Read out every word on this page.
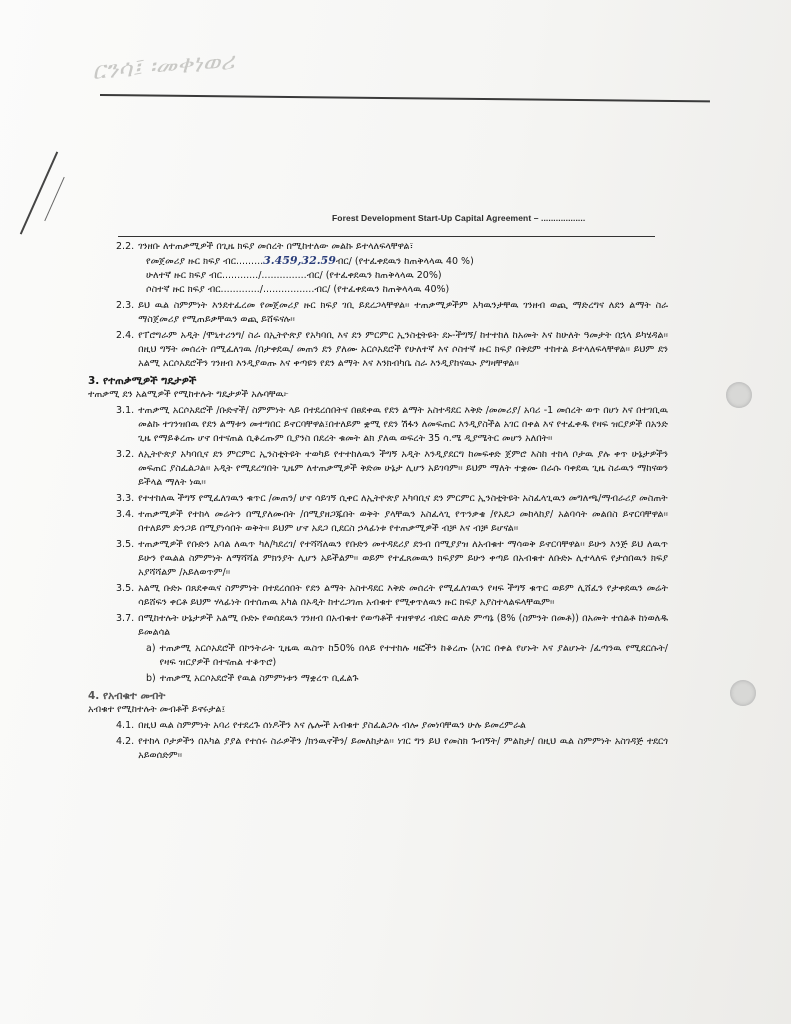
ርንሳ፤ ፡መቀነወሪ
Forest Development Start-Up Capital Agreement – ..................
2.2. ገንዘቡ ለተጠቃሚዎች በጊዜ ክፍያ መሰረት በሚከተለው መልኩ ይተላለፍላቸዋል፣
የመጀመሪያ ዙር ክፍያ ብር.........3.459,32.59ብር/ (የተፈቀደዉን ከጠቅላላዉ 40 %)
ሁለተኛ ዙር ክፍያ ብር............/...............ብር/ (የተፈቀደዉን ከጠቅላላዉ 20%)
ሶስተኛ ዙር ክፍያ ብር............./.................ብር/ (የተፈቀደዉን ከጠቅላላዉ 40%)
2.3. ይህ ዉል ስምምነት እንደተፈረመ የመጀመሪያ ዙር ክፍያ ገቢ ይደረጋላቸዋል፡፡ ተጠቃሚዎችም አካዉንታቸዉ ገንዘብ ወጪ ማድረግና ለደን ልማት ስራ ማስጀመሪያ የሚጠይቃቸዉን ወጪ ይሸፍናሉ፡፡
2.4. የፐሮግራም አዲት /ሞኒተሪንግ/ ስራ በኢትዮጵያ የአካባቢ እና ደን ምርምር ኢንስቲትዩት ደኑ-ችግኝ/ ከተተከለ ከአመት እና ከሁለት ዓመታት በኋላ ይካሄዳል፡፡ በዚህ ግኝት መሰረት በሚፈለገዉ /በታቀደዉ/ መጠን ደን ያለሙ አርሶአደሮች የሁለተኛ እና ሶስተኛ ዙር ክፍያ በቅደም ተከተል ይተላለፍላቸዋል፡፡ ይህም ደን አልሚ አርሶአደሮችን ገንዘብ እንዲያወጡ እና ቀጣዩን የደን ልማት እና እንክብካቤ ስራ እንዲያከናዉኑ ያግዛቸዋል፡፡
3. የተጠቃሚዎች ግዴታዎች
ተጠቃሚ ደን አልሚዎች የሚከተሉት ግዴታዎች አሉባቸዉ፦
3.1. ተጠቃሚ አርሶአደሮች /ቡድኖች/ ስምምነት ላይ በተደረሰበትና በፀደቀዉ የደን ልማት አስተዳደር እቅድ /መመሪያ/ አባሪ -1 መሰረት ወጥ በሆነ እና በተገቢዉ መልኩ ተገንዝበዉ የደን ልማቱን መተግበር ይኖርባቸዋል፤በተለይም ቋሚ የደን ሽፋን ለመፍጠር እንዲያስችል አገር በቀል እና የተፈቀዱ የዛፍ ዝርያዎች በአንድ ጊዜ የማይቆረጡ ሆኖ በተናጠል ሲቆረጡም ቢያንስ በደረት ቁመት ልክ ያለዉ ወፍረት 35 ሳ.ሜ ዲያሜትር መሆን አለበት፡፡
3.2. ለኢትዮጵያ አካባቢና ደን ምርምር ኢንስቲትዩት ተወካይ የተተከለዉን ችግኝ አዲት እንዲያደርግ ከመፍቀድ ጀምሮ እስከ ተከላ ቦታዉ ያሉ ቀጥ ሁኔታዎችን መፍጠር ያስፈልጋል፡፡ አዲት የሚደረግበት ጊዜም ለተጠቃሚዎች ቅድመ ሁኔታ ሊሆን አይገባም፡፡ ይህም ማለት ተቋሙ በራሱ ባቀደዉ ጊዜ ስራዉን ማከናወን ይችላል ማለት ነዉ፡፡
3.3. የተተከለዉ ችግኝ የሚፈለገዉን ቁጥር /መጠን/ ሆኖ ሳይገኝ ሲቀር ለኢትዮጵያ አካባቢና ደን ምርምር ኢንስቲትዩት አስፈላጊዉን መግለጫ/ማብራሪያ መስጠት
3.4. ተጠቃሚዎች የተከላ መሬትን በሚያለሙበት /በሚያዘጋጁበት ወቅት ያላቸዉን አስፈላጊ የጥንቃቄ /የአደጋ መከላከያ/ አልባሳት መልበስ ይኖርባቸዋል፡፡ በተለይም ድንጋይ በሚያነሳበት ወቅት፡፡ ይህም ሆኖ አደጋ ቢደርስ ኃላፊነቱ የተጠቃሚዎች ብቻ እና ብቻ ይሆናል፡፡
3.5. ተጠቃሚዎች የቡድን አባል ለዉጥ ካለ/ካደረገ/ የተሻሻለዉን የቡድን መተዳደሪያ ደንብ በሚያያዝ ለአብቁተ ማሳወቅ ይኖርባቸዋል፡፡ ይሁን እንጅ ይህ ለዉጥ ይሁን የዉልል ስምምነት ለማሻሻል ምክንያት ሊሆን አይችልም፡፡ ወይም የተፈጸመዉን ክፍያም ይሁን ቀጣይ በአብቁተ ለቡድኑ ሊተላለፍ የታሰበዉን ክፍያ አያሻሻልም /አይለወጥም/፡፡
3.5. አልሚ ቡድኑ በጸደቀዉና ስምምነት በተደረሰበት የደን ልማት አስተዳደር እቅድ መሰረት የሚፈለገዉን የዛፍ ችግኝ ቁጥር ወይም ሊሸፈን የታቀደዉን መሬት ሳይሸፍን ቀርቶ ይህም ሃላፊነት በተሰጠዉ አካል በኦዲት ከተረጋገጠ አብቁተ የሚቀጥለዉን ዙር ክፍያ አያስተላልፍላቸዉም፡፡
3.7. በሚከተሉት ሁኔታዎች አልሚ ቡድኑ የወሰደዉን ገንዘብ በአብቁተ የወጣቶች ተዘዋዋሪ ብድር ወለድ ምጣኔ (8% (ስምንት በመቶ)) በአመት ተሰልቶ ከነወለዱ ይመልሳል
a) ተጠቃሚ አርሶአደሮች በኮንትራት ጊዜዉ ዉስጥ ከ50% በላይ የተተከሉ ዛፎችን ከቆረጡ (አገር በቀል የሆኑት እና ያልሆኑት /ፈጣንዉ የሚደርሱት/ የዛፍ ዝርያዎች በተናጠል ተቆጥሮ)
b) ተጠቃሚ አርሶአደሮች የዉል ስምምነቱን ማቋረጥ ቢፈልጉ
4. የአብቁተ መብት
አብቁተ የሚከተሉት መብቶች ይኖሩታል፤
4.1. በዚህ ዉል ስምምነት አባሪ የተደረጉ ሰነዶችን እና ሌሎች አብቁተ ያስፈልጋሉ ብሎ ያመነባቸዉን ሁሉ ይመረምራል
4.2. የተከላ ቦታዎችን በአካል ያያል የተሰሩ ስራዎችን /ክንዉኖችን/ ይመለከታል፡፡ ነገር ግን ይህ የመስክ ጉብኝት/ ምልከታ/ በዚህ ዉል ስምምነት አስገዳጅ ተደርጎ አይወሰድም፡፡
